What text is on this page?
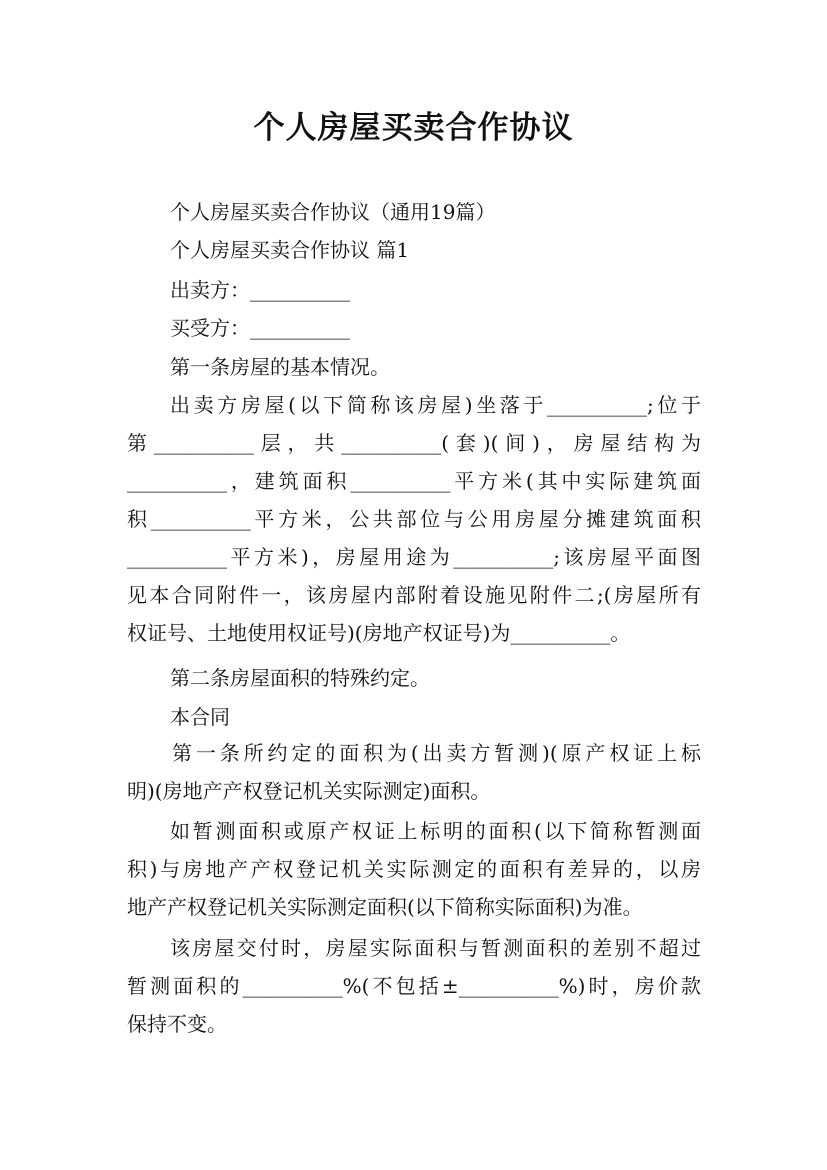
个人房屋买卖合作协议
个人房屋买卖合作协议（通用19篇）
个人房屋买卖合作协议 篇1
出卖方：__________
买受方：__________
第一条房屋的基本情况。
出卖方房屋(以下简称该房屋)坐落于__________;位于
第__________层，共__________(套)(间)，房屋结构为
__________，建筑面积__________平方米(其中实际建筑面
积__________平方米，公共部位与公用房屋分摊建筑面积
__________平方米)，房屋用途为__________;该房屋平面图
见本合同附件一，该房屋内部附着设施见附件二;(房屋所有
权证号、土地使用权证号)(房地产权证号)为__________。
第二条房屋面积的特殊约定。
本合同
第一条所约定的面积为(出卖方暂测)(原产权证上标
明)(房地产产权登记机关实际测定)面积。
如暂测面积或原产权证上标明的面积(以下简称暂测面
积)与房地产产权登记机关实际测定的面积有差异的，以房
地产产权登记机关实际测定面积(以下简称实际面积)为准。
该房屋交付时，房屋实际面积与暂测面积的差别不超过
暂测面积的__________%(不包括±__________%)时，房价款
保持不变。
